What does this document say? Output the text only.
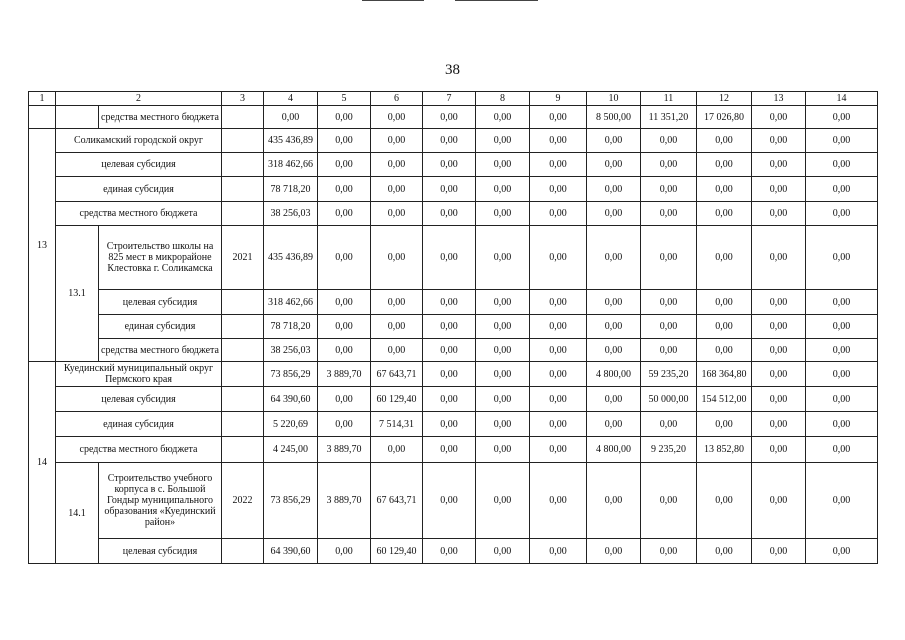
38
1	2		3	4	5	6	7	8	9	10	11	12	13	14	
		средства местного бюджета		0,00	0,00	0,00	0,00	0,00	0,00	8 500,00	11 351,20	17 026,80	0,00	0,00	
13	Соликамский городской округ			435 436,89	0,00	0,00	0,00	0,00	0,00	0,00	0,00	0,00	0,00	0,00	
	целевая субсидия			318 462,66	0,00	0,00	0,00	0,00	0,00	0,00	0,00	0,00	0,00	0,00	
	единая субсидия			78 718,20	0,00	0,00	0,00	0,00	0,00	0,00	0,00	0,00	0,00	0,00	
	средства местного бюджета			38 256,03	0,00	0,00	0,00	0,00	0,00	0,00	0,00	0,00	0,00	0,00	
	13.1	Строительство школы на 825 мест в микрорайоне Клестовка г. Соликамска	2021	435 436,89	0,00	0,00	0,00	0,00	0,00	0,00	0,00	0,00	0,00	0,00	
		целевая субсидия		318 462,66	0,00	0,00	0,00	0,00	0,00	0,00	0,00	0,00	0,00	0,00	
		единая субсидия		78 718,20	0,00	0,00	0,00	0,00	0,00	0,00	0,00	0,00	0,00	0,00	
		средства местного бюджета		38 256,03	0,00	0,00	0,00	0,00	0,00	0,00	0,00	0,00	0,00	0,00	
14	Куединский муниципальный округ Пермского края			73 856,29	3 889,70	67 643,71	0,00	0,00	0,00	4 800,00	59 235,20	168 364,80	0,00	0,00	
	целевая субсидия			64 390,60	0,00	60 129,40	0,00	0,00	0,00	0,00	50 000,00	154 512,00	0,00	0,00	
	единая субсидия			5 220,69	0,00	7 514,31	0,00	0,00	0,00	0,00	0,00	0,00	0,00	0,00	
	средства местного бюджета			4 245,00	3 889,70	0,00	0,00	0,00	0,00	4 800,00	9 235,20	13 852,80	0,00	0,00	
	14.1	Строительство учебного корпуса в с. Большой Гондыр муниципального образования «Куединский район»	2022	73 856,29	3 889,70	67 643,71	0,00	0,00	0,00	0,00	0,00	0,00	0,00	0,00	
		целевая субсидия		64 390,60	0,00	60 129,40	0,00	0,00	0,00	0,00	0,00	0,00	0,00	0,00	
